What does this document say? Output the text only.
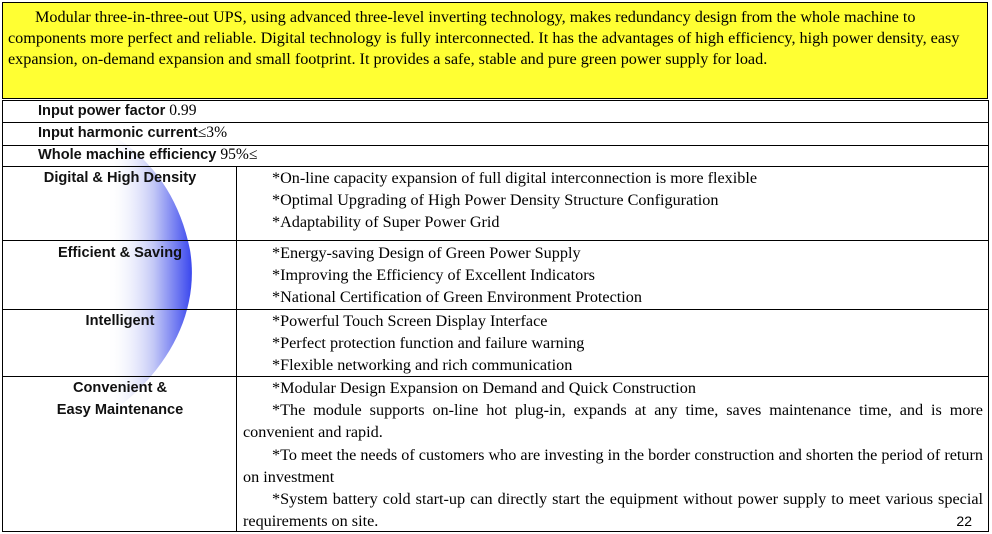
Modular three-in-three-out UPS, using advanced three-level inverting technology, makes redundancy design from the whole machine to components more perfect and reliable. Digital technology is fully interconnected. It has the advantages of high efficiency, high power density, easy expansion, on-demand expansion and small footprint. It provides a safe, stable and pure green power supply for load.

Input power factor 0.99
Input harmonic current≤3%
Whole machine efficiency 95%≤
Digital & High Density	*On-line capacity expansion of full digital interconnection is more flexible

*Optimal Upgrading of High Power Density Structure Configuration

*Adaptability of Super Power Grid

Efficient & Saving	*Energy-saving Design of Green Power Supply

*Improving the Efficiency of Excellent Indicators

*National Certification of Green Environment Protection

Intelligent	*Powerful Touch Screen Display Interface

*Perfect protection function and failure warning

*Flexible networking and rich communication

Convenient &
Easy Maintenance

*Modular Design Expansion on Demand and Quick Construction

*The module supports on-line hot plug-in, expands at any time, saves maintenance time, and is more convenient and rapid.

*To meet the needs of customers who are investing in the border construction and shorten the period of return on investment

*System battery cold start-up can directly start the equipment without power supply to meet various special requirements on site.	22
